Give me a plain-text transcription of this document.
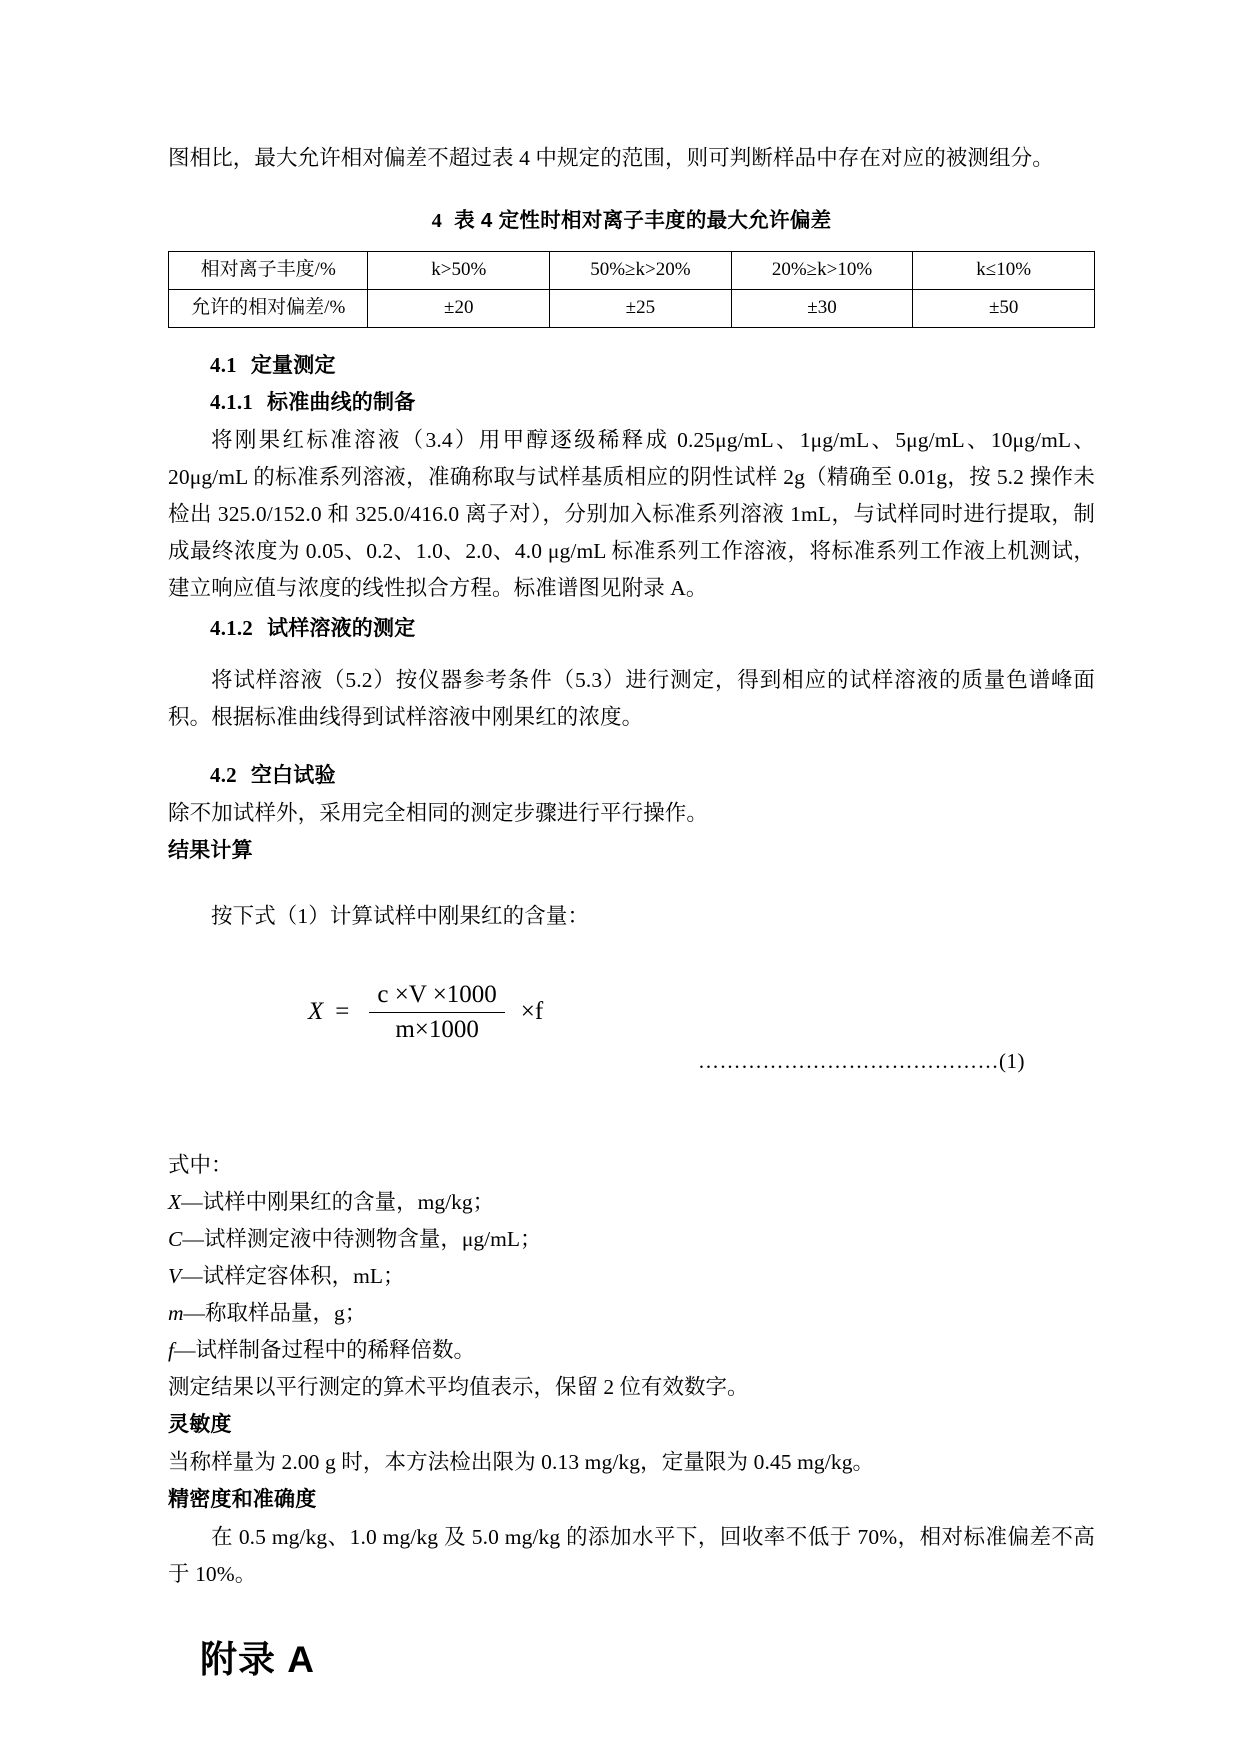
图相比，最大允许相对偏差不超过表 4 中规定的范围，则可判断样品中存在对应的被测组分。

4 表 4 定性时相对离子丰度的最大允许偏差
相对离子丰度/%	k>50%	50%≥k>20%	20%≥k>10%	k≤10%
允许的相对偏差/%	±20	±25	±30	±50
4.1 定量测定
4.1.1 标准曲线的制备

将刚果红标准溶液（3.4）用甲醇逐级稀释成 0.25μg/mL、1μg/mL、5μg/mL、10μg/mL、20μg/mL 的标准系列溶液，准确称取与试样基质相应的阴性试样 2g（精确至 0.01g，按 5.2 操作未检出 325.0/152.0 和 325.0/416.0 离子对），分别加入标准系列溶液 1mL，与试样同时进行提取，制成最终浓度为 0.05、0.2、1.0、2.0、4.0 μg/mL 标准系列工作溶液，将标准系列工作液上机测试，建立响应值与浓度的线性拟合方程。标准谱图见附录 A。

4.1.2 试样溶液的测定

将试样溶液（5.2）按仪器参考条件（5.3）进行测定，得到相应的试样溶液的质量色谱峰面积。根据标准曲线得到试样溶液中刚果红的浓度。

4.2 空白试验

除不加试样外，采用完全相同的测定步骤进行平行操作。

结果计算

按下式（1）计算试样中刚果红的含量：

$X = \frac{c \times V \times 1000}{m\times 1000} \times f$
……………………………………(1)
式中：
X—试样中刚果红的含量，mg/kg；
C—试样测定液中待测物含量，μg/mL；
V—试样定容体积，mL；
m—称取样品量，g；
f—试样制备过程中的稀释倍数。
测定结果以平行测定的算术平均值表示，保留 2 位有效数字。
灵敏度

当称样量为 2.00 g 时，本方法检出限为 0.13 mg/kg，定量限为 0.45 mg/kg。

精密度和准确度

在 0.5 mg/kg、1.0 mg/kg 及 5.0 mg/kg 的添加水平下，回收率不低于 70%，相对标准偏差不高于 10%。

附录 A
